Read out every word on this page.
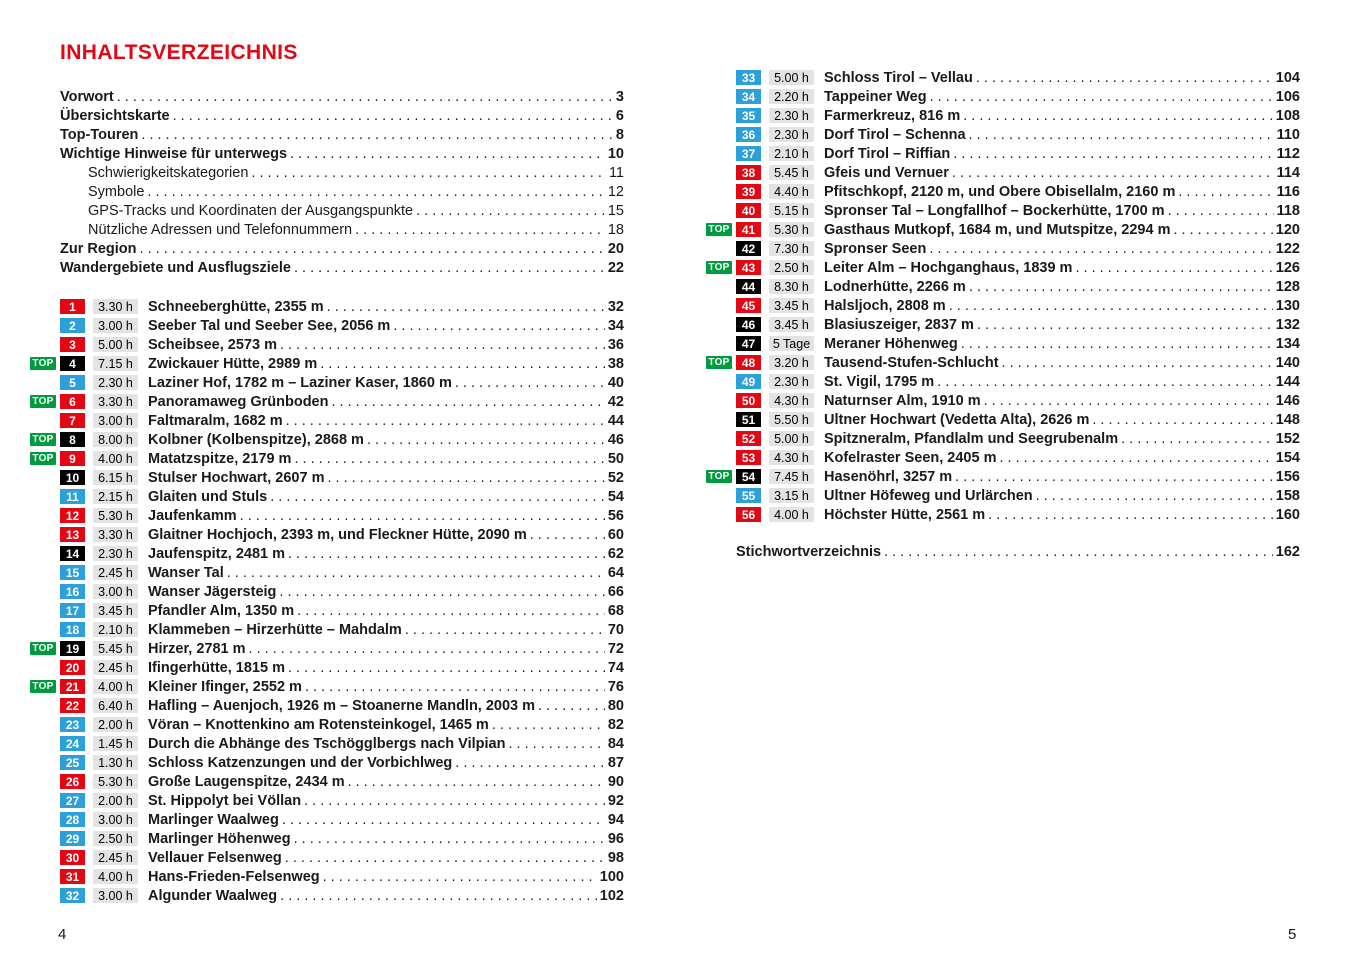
INHALTSVERZEICHNIS
Vorwort . . .	3
Übersichtskarte . . .	6
Top-Touren . . .	8
Wichtige Hinweise für unterwegs . . .	10
Schwierigkeitskategorien . . .	11
Symbole . . .	12
GPS-Tracks und Koordinaten der Ausgangspunkte . . .	15
Nützliche Adressen und Telefonnummern . . .	18
Zur Region . . .	20
Wandergebiete und Ausflugsziele . . .	22
1	3.30 h	Schneeberghütte, 2355 m . . .	32
2	3.00 h	Seeber Tal und Seeber See, 2056 m . . .	34
3	5.00 h	Scheibsee, 2573 m . . .	36
TOP	4	7.15 h	Zwickauer Hütte, 2989 m . . .	38
5	2.30 h	Laziner Hof, 1782 m – Laziner Kaser, 1860 m . . .	40
TOP	6	3.30 h	Panoramaweg Grünboden . . .	42
7	3.00 h	Faltmaralm, 1682 m . . .	44
TOP	8	8.00 h	Kolbner (Kolbenspitze), 2868 m . . .	46
TOP	9	4.00 h	Matatzspitze, 2179 m . . .	50
10	6.15 h	Stulser Hochwart, 2607 m . . .	52
11	2.15 h	Glaiten und Stuls . . .	54
12	5.30 h	Jaufenkamm . . .	56
13	3.30 h	Glaitner Hochjoch, 2393 m, und Fleckner Hütte, 2090 m . . .	60
14	2.30 h	Jaufenspitz, 2481 m . . .	62
15	2.45 h	Wanser Tal . . .	64
16	3.00 h	Wanser Jägersteig . . .	66
17	3.45 h	Pfandler Alm, 1350 m . . .	68
18	2.10 h	Klammeben – Hirzerhütte – Mahdalm . . .	70
TOP	19	5.45 h	Hirzer, 2781 m . . .	72
20	2.45 h	Ifingerhütte, 1815 m . . .	74
TOP	21	4.00 h	Kleiner Ifinger, 2552 m . . .	76
22	6.40 h	Hafling – Auenjoch, 1926 m – Stoanerne Mandln, 2003 m . . .	80
23	2.00 h	Vöran – Knottenkino am Rotensteinkogel, 1465 m . . .	82
24	1.45 h	Durch die Abhänge des Tschögglbergs nach Vilpian . . .	84
25	1.30 h	Schloss Katzenzungen und der Vorbichlweg . . .	87
26	5.30 h	Große Laugenspitze, 2434 m . . .	90
27	2.00 h	St. Hippolyt bei Völlan . . .	92
28	3.00 h	Marlinger Waalweg . . .	94
29	2.50 h	Marlinger Höhenweg . . .	96
30	2.45 h	Vellauer Felsenweg . . .	98
31	4.00 h	Hans-Frieden-Felsenweg . . .	100
32	3.00 h	Algunder Waalweg . . .	102
33	5.00 h	Schloss Tirol – Vellau . . .	104
34	2.20 h	Tappeiner Weg . . .	106
35	2.30 h	Farmerkreuz, 816 m . . .	108
36	2.30 h	Dorf Tirol – Schenna . . .	110
37	2.10 h	Dorf Tirol – Riffian . . .	112
38	5.45 h	Gfeis und Vernuer . . .	114
39	4.40 h	Pfitschkopf, 2120 m, und Obere Obisellalm, 2160 m . . .	116
40	5.15 h	Spronser Tal – Longfallhof – Bockerhütte, 1700 m . . .	118
TOP	41	5.30 h	Gasthaus Mutkopf, 1684 m, und Mutspitze, 2294 m . . .	120
42	7.30 h	Spronser Seen . . .	122
TOP	43	2.50 h	Leiter Alm – Hochganghaus, 1839 m . . .	126
44	8.30 h	Lodnerhütte, 2266 m . . .	128
45	3.45 h	Halsljoch, 2808 m . . .	130
46	3.45 h	Blasiuszeiger, 2837 m . . .	132
47	5 Tage Meraner Höhenweg . . .	134
TOP	48	3.20 h	Tausend-Stufen-Schlucht . . .	140
49	2.30 h	St. Vigil, 1795 m . . .	144
50	4.30 h	Naturnser Alm, 1910 m . . .	146
51	5.50 h	Ultner Hochwart (Vedetta Alta), 2626 m . . .	148
52	5.00 h	Spitzneralm, Pfandlalm und Seegrubenalm . . .	152
53	4.30 h	Kofelraster Seen, 2405 m . . .	154
TOP	54	7.45 h	Hasenöhrl, 3257 m . . .	156
55	3.15 h	Ultner Höfeweg und Urlärchen . . .	158
56	4.00 h	Höchster Hütte, 2561 m . . .	160
Stichwortverzeichnis . . .	162
4	5
